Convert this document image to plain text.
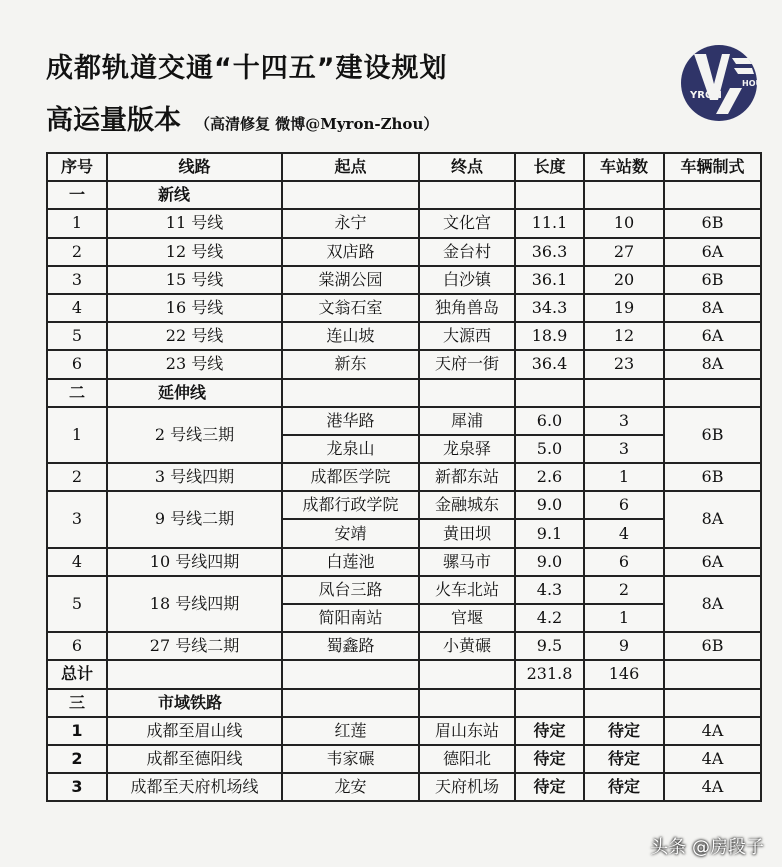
成都轨道交通“十四五”建设规划
高运量版本 （高清修复 微博@Myron-Zhou）
HOU
YRON
序号	线路	起点	终点	长度	车站数	车辆制式
一	新线					
1	11 号线	永宁	文化宫	11.1	10	6B
2	12 号线	双店路	金台村	36.3	27	6A
3	15 号线	棠湖公园	白沙镇	36.1	20	6B
4	16 号线	文翁石室	独角兽岛	34.3	19	8A
5	22 号线	连山坡	大源西	18.9	12	6A
6	23 号线	新东	天府一街	36.4	23	8A
二	延伸线					
1	2 号线三期	港华路	犀浦	6.0	3	6B
		龙泉山	龙泉驿	5.0	3	
2	3 号线四期	成都医学院	新都东站	2.6	1	6B
3	9 号线二期	成都行政学院	金融城东	9.0	6	8A
		安靖	黄田坝	9.1	4	
4	10 号线四期	白莲池	骡马市	9.0	6	6A
5	18 号线四期	凤台三路	火车北站	4.3	2	8A
		简阳南站	官堰	4.2	1	
6	27 号线二期	蜀鑫路	小黄碾	9.5	9	6B
总计				231.8	146	
三	市域铁路					
1	成都至眉山线	红莲	眉山东站	待定	待定	4A
2	成都至德阳线	韦家碾	德阳北	待定	待定	4A
3	成都至天府机场线	龙安	天府机场	待定	待定	4A
头条 @房段子
